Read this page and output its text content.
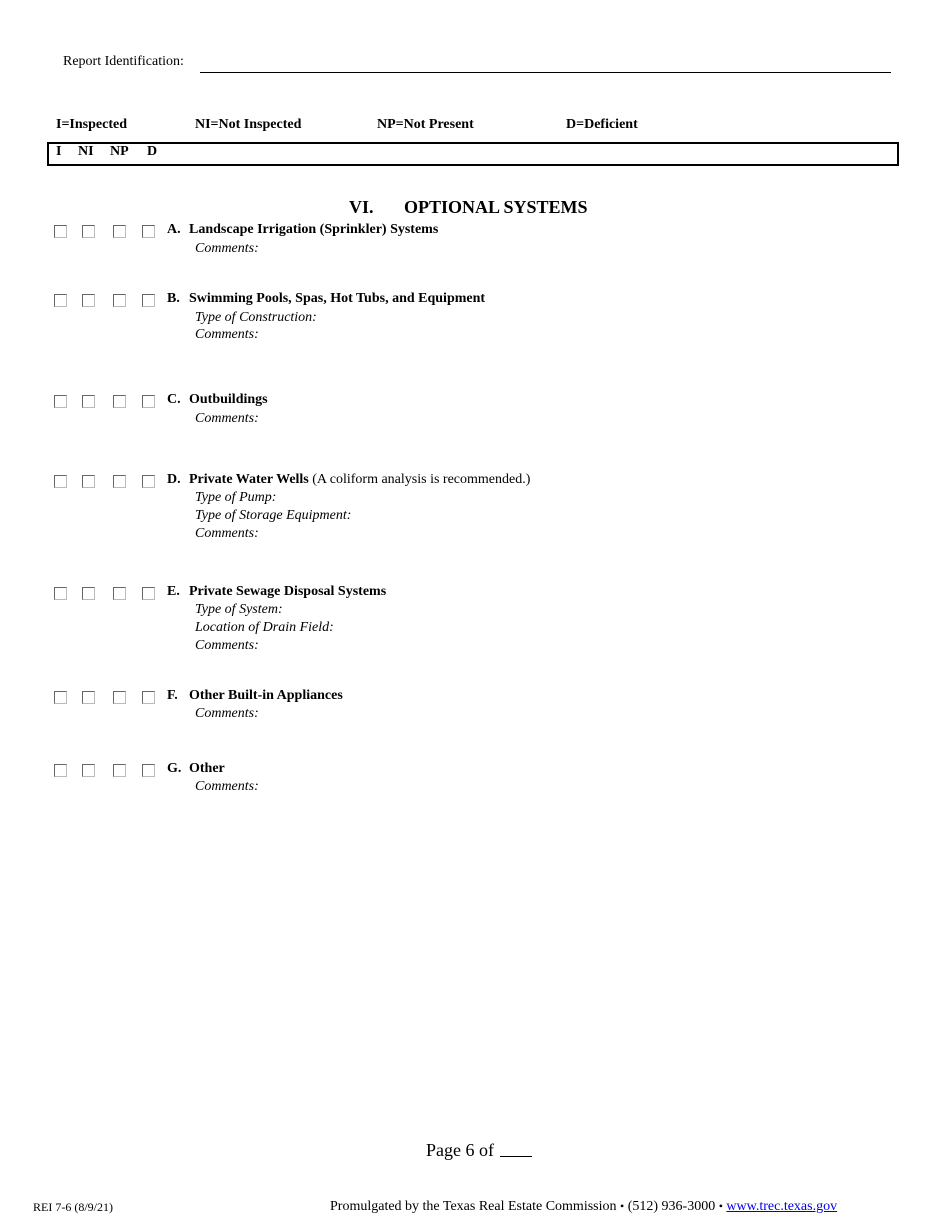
Report Identification:
I=Inspected	NI=Not Inspected	NP=Not Present	D=Deficient
I NI NP D
VI. OPTIONAL SYSTEMS
A. Landscape Irrigation (Sprinkler) Systems
Comments:
B. Swimming Pools, Spas, Hot Tubs, and Equipment
Type of Construction:
Comments:
C. Outbuildings
Comments:
D. Private Water Wells (A coliform analysis is recommended.)
Type of Pump:
Type of Storage Equipment:
Comments:
E. Private Sewage Disposal Systems
Type of System:
Location of Drain Field:
Comments:
F. Other Built-in Appliances
Comments:
G. Other
Comments:
Page 6 of
REI 7-6 (8/9/21)	Promulgated by the Texas Real Estate Commission • (512) 936-3000 • www.trec.texas.gov
